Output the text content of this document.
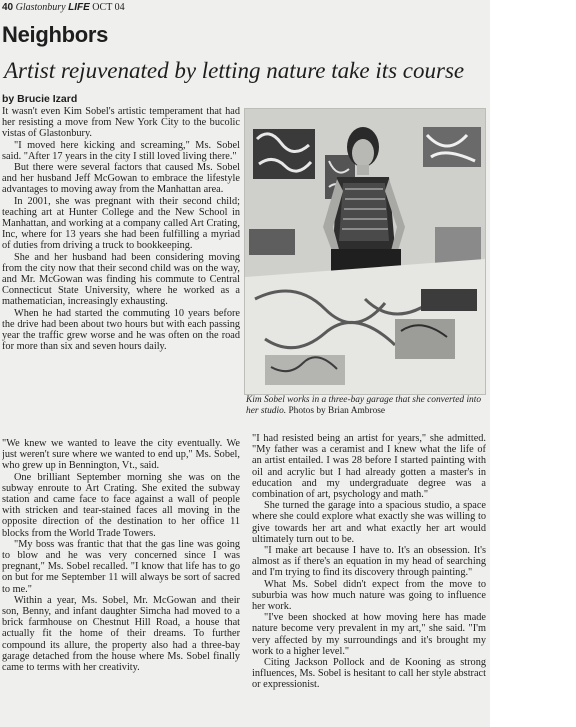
40 Glastonbury LIFE OCT 04
Neighbors
Artist rejuvenated by letting nature take its course
by Brucie Izard

It wasn't even Kim Sobel's artistic temperament that had her resisting a move from New York City to the bucolic vistas of Glastonbury.

"I moved here kicking and screaming," Ms. Sobel said. "After 17 years in the city I still loved living there."

But there were several factors that caused Ms. Sobel and her husband Jeff McGowan to embrace the lifestyle advantages to moving away from the Manhattan area.

In 2001, she was pregnant with their second child; teaching art at Hunter College and the New School in Manhattan, and working at a company called Art Crating, Inc, where for 13 years she had been fulfilling a myriad of duties from driving a truck to bookkeeping.

She and her husband had been considering moving from the city now that their second child was on the way, and Mr. McGowan was finding his commute to Central Connecticut State University, where he worked as a mathematician, increasingly exhausting.

When he had started the commuting 10 years before the drive had been about two hours but with each passing year the traffic grew worse and he was often on the road for more than six and seven hours daily.

Kim Sobel works in a three-bay garage that she converted into her studio. Photos by Brian Ambrose

"We knew we wanted to leave the city eventually. We just weren't sure where we wanted to end up," Ms. Sobel, who grew up in Bennington, Vt., said.

One brilliant September morning she was on the subway enroute to Art Crating. She exited the subway station and came face to face against a wall of people with stricken and tear-stained faces all moving in the opposite direction of the destination to her office 11 blocks from the World Trade Towers.

"My boss was frantic that that the gas line was going to blow and he was very concerned since I was pregnant," Ms. Sobel recalled. "I know that life has to go on but for me September 11 will always be sort of sacred to me."

Within a year, Ms. Sobel, Mr. McGowan and their son, Benny, and infant daughter Simcha had moved to a brick farmhouse on Chestnut Hill Road, a house that actually fit the home of their dreams. To further compound its allure, the property also had a three-bay garage detached from the house where Ms. Sobel finally came to terms with her creativity.

"I had resisted being an artist for years," she admitted. "My father was a ceramist and I knew what the life of an artist entailed. I was 28 before I started painting with oil and acrylic but I had already gotten a master's in education and my undergraduate degree was a combination of art, psychology and math."

She turned the garage into a spacious studio, a space where she could explore what exactly she was willing to give towards her art and what exactly her art would ultimately turn out to be.

"I make art because I have to. It's an obsession. It's almost as if there's an equation in my head of searching and I'm trying to find its discovery through painting."

What Ms. Sobel didn't expect from the move to suburbia was how much nature was going to influence her work.

"I've been shocked at how moving here has made nature become very prevalent in my art," she said. "I'm very affected by my surroundings and it's brought my work to a higher level."

Citing Jackson Pollock and de Kooning as strong influences, Ms. Sobel is hesitant to call her style abstract or expressionist.
